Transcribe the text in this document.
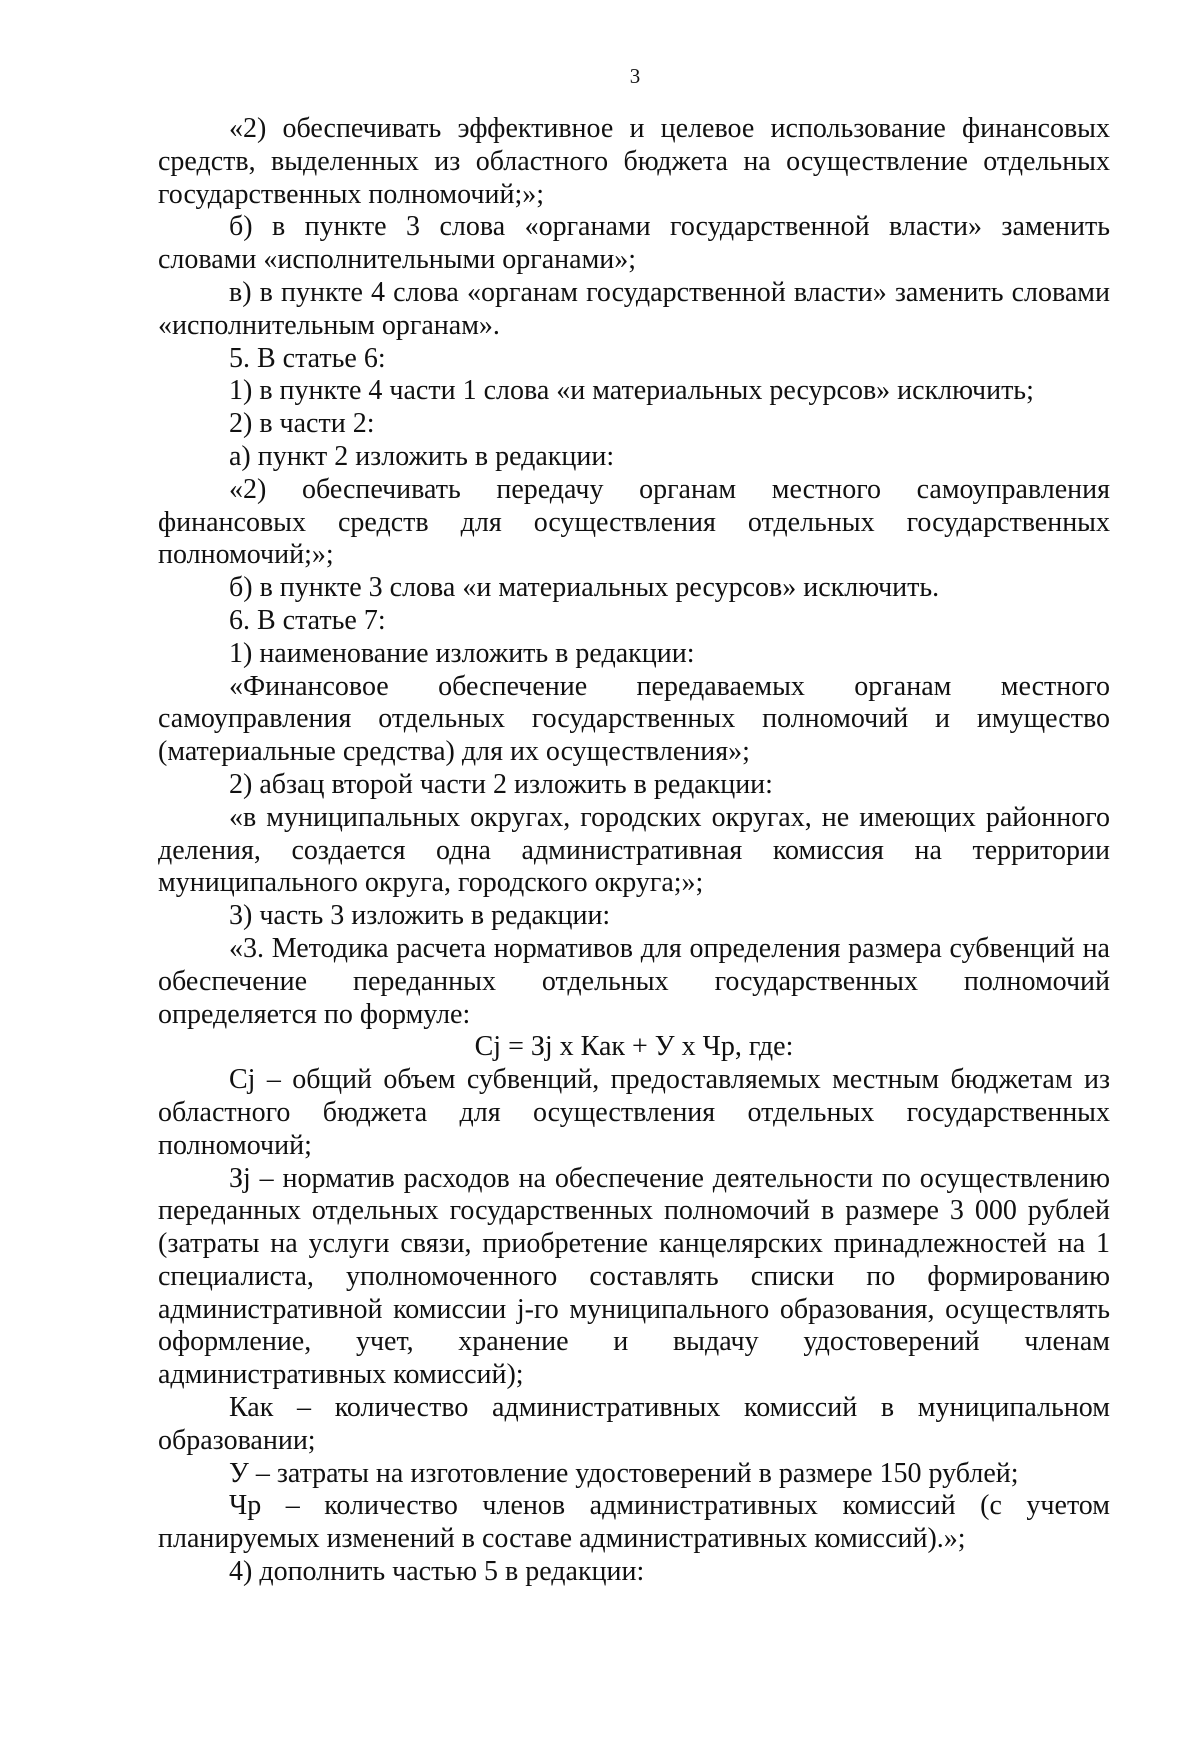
3

«2) обеспечивать эффективное и целевое использование финансовых средств, выделенных из областного бюджета на осуществление отдельных государственных полномочий;»;

б) в пункте 3 слова «органами государственной власти» заменить словами «исполнительными органами»;

в) в пункте 4 слова «органам государственной власти» заменить словами «исполнительным органам».

5. В статье 6:

1) в пункте 4 части 1 слова «и материальных ресурсов» исключить;

2) в части 2:

а) пункт 2 изложить в редакции:

«2) обеспечивать передачу органам местного самоуправления финансовых средств для осуществления отдельных государственных полномочий;»;

б) в пункте 3 слова «и материальных ресурсов» исключить.

6. В статье 7:

1) наименование изложить в редакции:

«Финансовое обеспечение передаваемых органам местного самоуправления отдельных государственных полномочий и имущество (материальные средства) для их осуществления»;

2) абзац второй части 2 изложить в редакции:

«в муниципальных округах, городских округах, не имеющих районного деления, создается одна административная комиссия на территории муниципального округа, городского округа;»;

3) часть 3 изложить в редакции:

«3. Методика расчета нормативов для определения размера субвенций на обеспечение переданных отдельных государственных полномочий определяется по формуле:

Cj = Зj х Как + У х Чр, где:

Cj – общий объем субвенций, предоставляемых местным бюджетам из областного бюджета для осуществления отдельных государственных полномочий;

Зj – норматив расходов на обеспечение деятельности по осуществлению переданных отдельных государственных полномочий в размере 3 000 рублей (затраты на услуги связи, приобретение канцелярских принадлежностей на 1 специалиста, уполномоченного составлять списки по формированию административной комиссии j-го муниципального образования, осуществлять оформление, учет, хранение и выдачу удостоверений членам административных комиссий);

Как – количество административных комиссий в муниципальном образовании;

У – затраты на изготовление удостоверений в размере 150 рублей;

Чр – количество членов административных комиссий (с учетом планируемых изменений в составе административных комиссий).»;

4) дополнить частью 5 в редакции:
